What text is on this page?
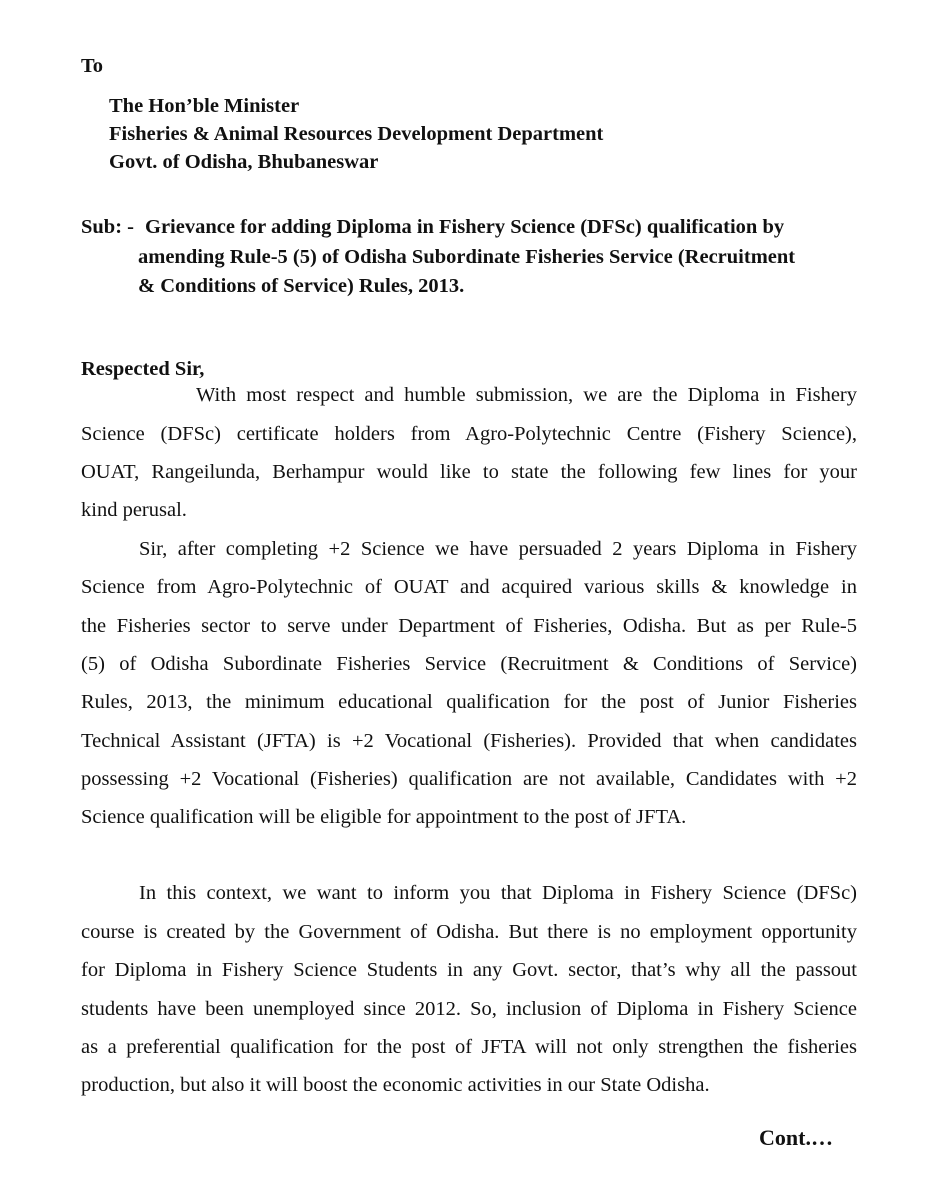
To
The Hon’ble Minister
Fisheries & Animal Resources Development Department
Govt. of Odisha, Bhubaneswar
Sub: - Grievance for adding Diploma in Fishery Science (DFSc) qualification by
amending Rule-5 (5) of Odisha Subordinate Fisheries Service (Recruitment
& Conditions of Service) Rules, 2013.
Respected Sir,
With most respect and humble submission, we are the Diploma in Fishery
Science (DFSc) certificate holders from Agro-Polytechnic Centre (Fishery Science),
OUAT, Rangeilunda, Berhampur would like to state the following few lines for your
kind perusal.
Sir, after completing +2 Science we have persuaded 2 years Diploma in Fishery
Science from Agro-Polytechnic of OUAT and acquired various skills & knowledge in
the Fisheries sector to serve under Department of Fisheries, Odisha. But as per Rule-5
(5) of Odisha Subordinate Fisheries Service (Recruitment & Conditions of Service)
Rules, 2013, the minimum educational qualification for the post of Junior Fisheries
Technical Assistant (JFTA) is +2 Vocational (Fisheries). Provided that when candidates
possessing +2 Vocational (Fisheries) qualification are not available, Candidates with +2
Science qualification will be eligible for appointment to the post of JFTA.
In this context, we want to inform you that Diploma in Fishery Science (DFSc)
course is created by the Government of Odisha. But there is no employment opportunity
for Diploma in Fishery Science Students in any Govt. sector, that’s why all the passout
students have been unemployed since 2012. So, inclusion of Diploma in Fishery Science
as a preferential qualification for the post of JFTA will not only strengthen the fisheries
production, but also it will boost the economic activities in our State Odisha.
Cont.…
